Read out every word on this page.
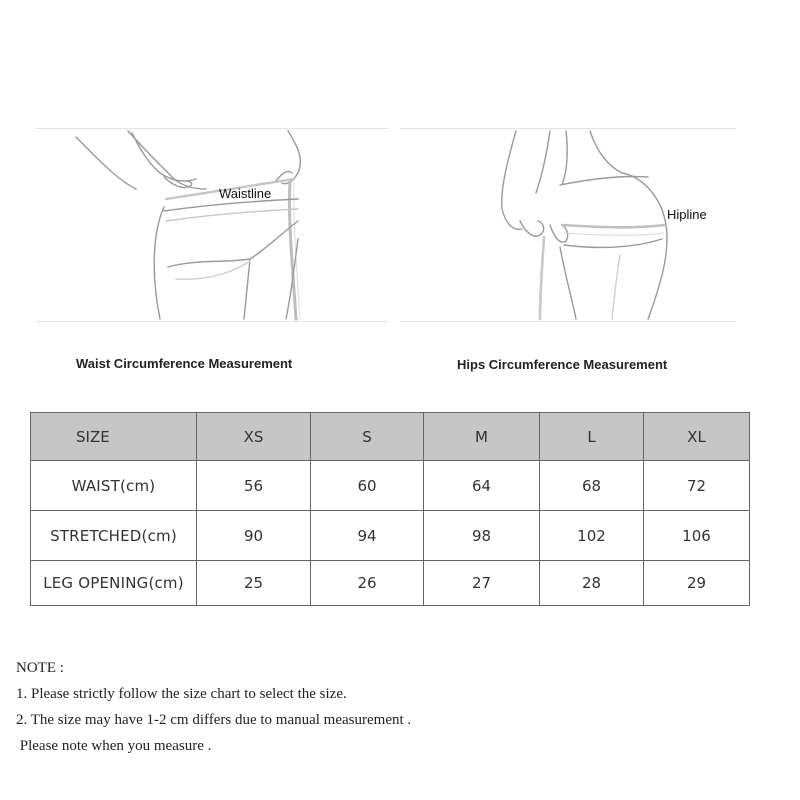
Waistline
Hipline
Waist Circumference Measurement	Hips Circumference Measurement
SIZE	XS	S	M	L	XL
WAIST(cm)	56	60	64	68	72
STRETCHED(cm)	90	94	98	102	106
LEG OPENING(cm)	25	26	27	28	29
NOTE :
1. Please strictly follow the size chart to select the size.
2. The size may have 1-2 cm differs due to manual measurement .
Please note when you measure .
